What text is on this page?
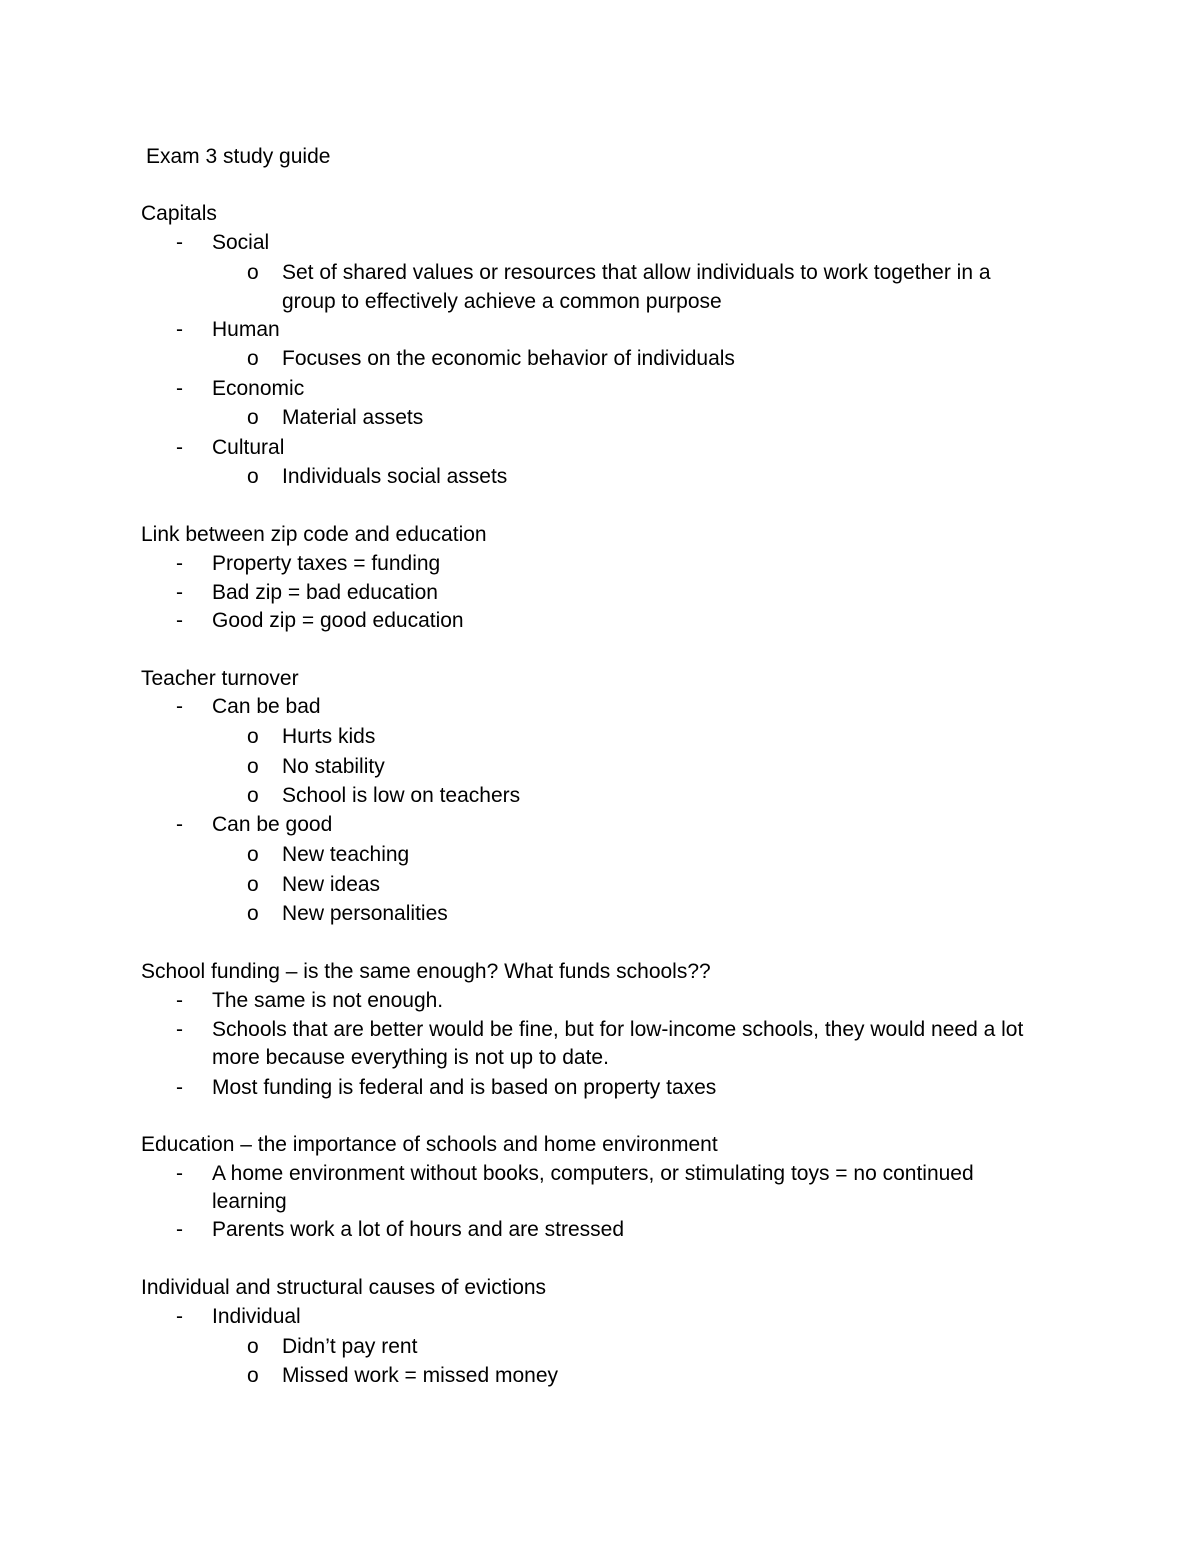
Exam 3 study guide
Capitals
- Social
o Set of shared values or resources that allow individuals to work together in a
group to effectively achieve a common purpose
- Human
o Focuses on the economic behavior of individuals
- Economic
o Material assets
- Cultural
o Individuals social assets
Link between zip code and education
- Property taxes = funding
- Bad zip = bad education
- Good zip = good education
Teacher turnover
- Can be bad
o Hurts kids
o No stability
o School is low on teachers
- Can be good
o New teaching
o New ideas
o New personalities
School funding – is the same enough? What funds schools??
- The same is not enough.
- Schools that are better would be fine, but for low-income schools, they would need a lot
more because everything is not up to date.
- Most funding is federal and is based on property taxes
Education – the importance of schools and home environment
- A home environment without books, computers, or stimulating toys = no continued
learning
- Parents work a lot of hours and are stressed
Individual and structural causes of evictions
- Individual
o Didn’t pay rent
o Missed work = missed money
